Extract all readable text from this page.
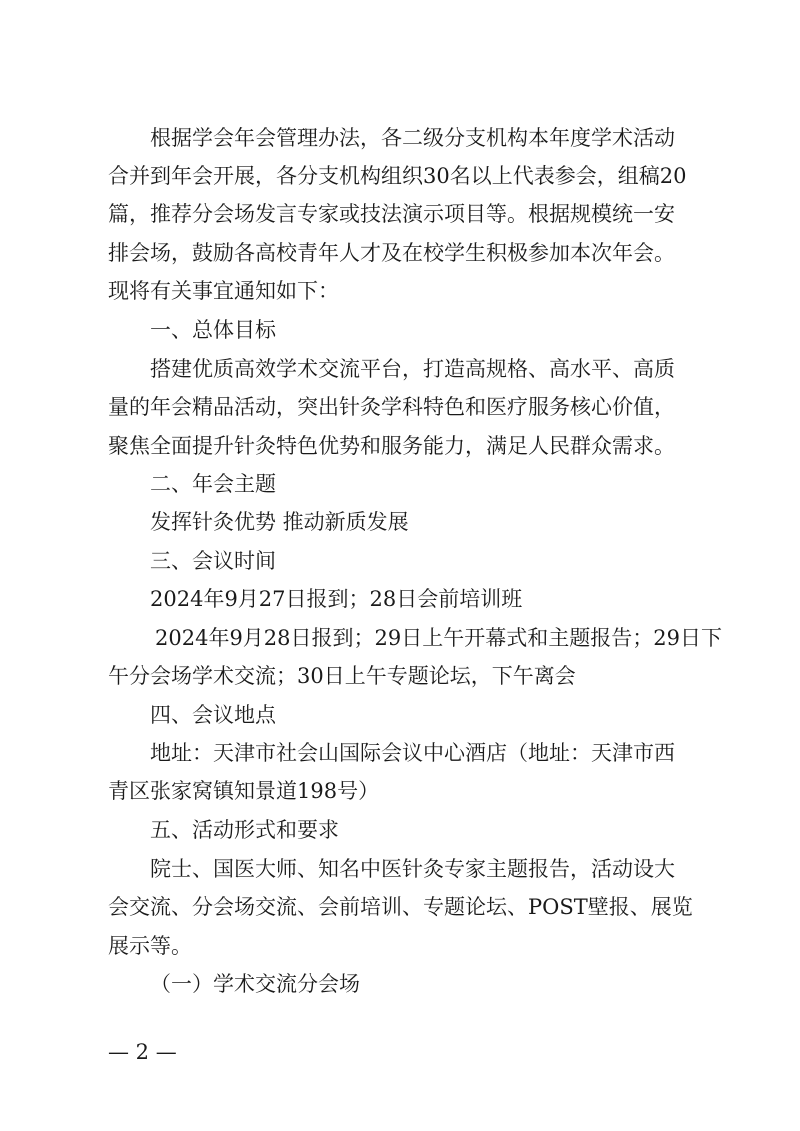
根据学会年会管理办法，各二级分支机构本年度学术活动
合并到年会开展，各分支机构组织30名以上代表参会，组稿20
篇，推荐分会场发言专家或技法演示项目等。根据规模统一安
排会场，鼓励各高校青年人才及在校学生积极参加本次年会。
现将有关事宜通知如下：
一、总体目标
搭建优质高效学术交流平台，打造高规格、高水平、高质
量的年会精品活动，突出针灸学科特色和医疗服务核心价值，
聚焦全面提升针灸特色优势和服务能力，满足人民群众需求。
二、年会主题
发挥针灸优势 推动新质发展
三、会议时间
2024年9月27日报到；28日会前培训班
2024年9月28日报到；29日上午开幕式和主题报告；29日下
午分会场学术交流；30日上午专题论坛，下午离会
四、会议地点
地址：天津市社会山国际会议中心酒店（地址：天津市西
青区张家窝镇知景道198号）
五、活动形式和要求
院士、国医大师、知名中医针灸专家主题报告，活动设大
会交流、分会场交流、会前培训、专题论坛、POST壁报、展览
展示等。
（一）学术交流分会场
— 2 —
